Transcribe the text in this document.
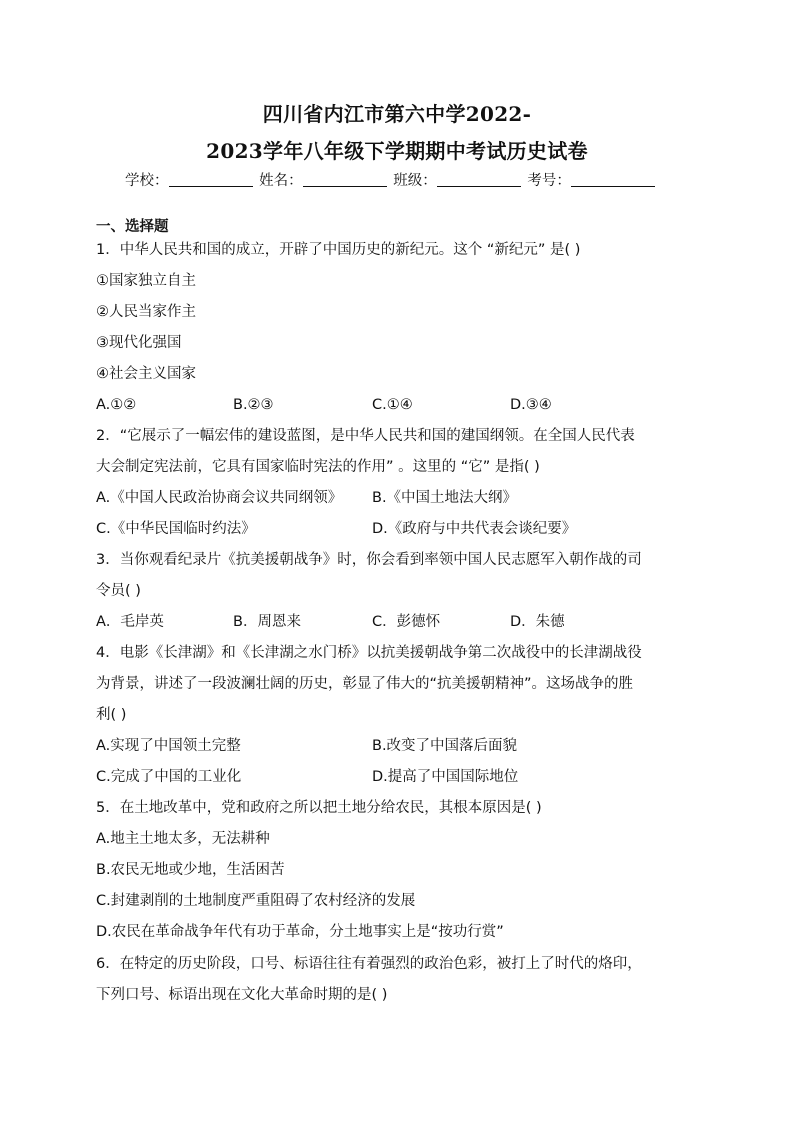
四川省内江市第六中学2022-
2023学年八年级下学期期中考试历史试卷
学校：	姓名：	班级：	考号：
一、选择题
1．中华人民共和国的成立，开辟了中国历史的新纪元。这个 “新纪元” 是( )
①国家独立自主
②人民当家作主
③现代化强国
④社会主义国家
A.①②	B.②③	C.①④	D.③④
2．“它展示了一幅宏伟的建设蓝图，是中华人民共和国的建国纲领。在全国人民代表
大会制定宪法前，它具有国家临时宪法的作用” 。这里的 “它” 是指( )
A.《中国人民政治协商会议共同纲领》 B.《中国土地法大纲》
C.《中华民国临时约法》	D.《政府与中共代表会谈纪要》
3．当你观看纪录片《抗美援朝战争》时，你会看到率领中国人民志愿军入朝作战的司
令员( )
A．毛岸英	B．周恩来	C．彭德怀	D．朱德
4．电影《长津湖》和《长津湖之水门桥》以抗美援朝战争第二次战役中的长津湖战役
为背景，讲述了一段波澜壮阔的历史，彰显了伟大的“抗美援朝精神”。这场战争的胜
利( )
A.实现了中国领土完整	B.改变了中国落后面貌
C.完成了中国的工业化	D.提高了中国国际地位
5．在土地改革中，党和政府之所以把土地分给农民，其根本原因是( )
A.地主土地太多，无法耕种
B.农民无地或少地，生活困苦
C.封建剥削的土地制度严重阻碍了农村经济的发展
D.农民在革命战争年代有功于革命，分土地事实上是“按功行赏”
6．在特定的历史阶段，口号、标语往往有着强烈的政治色彩，被打上了时代的烙印，
下列口号、标语出现在文化大革命时期的是( )
